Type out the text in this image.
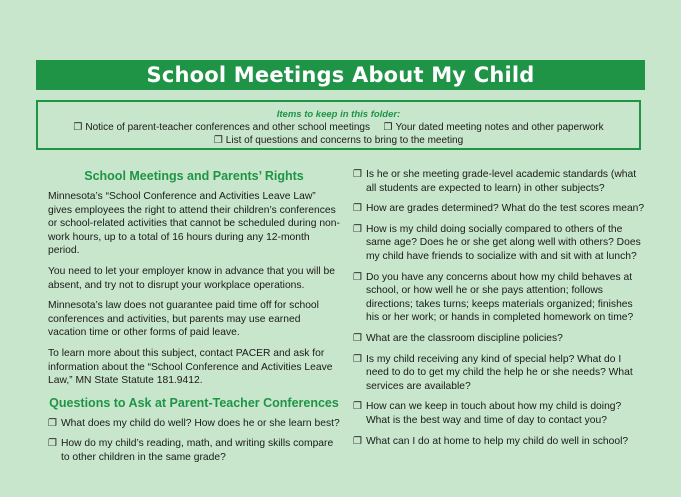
School Meetings About My Child
Items to keep in this folder:
❐ Notice of parent-teacher conferences and other school meetings ❐ Your dated meeting notes and other paperwork
❐ List of questions and concerns to bring to the meeting
School Meetings and Parents’ Rights

Minnesota’s “School Conference and Activities Leave Law” gives employees the right to attend their children’s conferences or school-related activities that cannot be scheduled during non-work hours, up to a total of 16 hours during any 12-month period.

You need to let your employer know in advance that you will be absent, and try not to disrupt your workplace operations.

Minnesota’s law does not guarantee paid time off for school conferences and activities, but parents may use earned vacation time or other forms of paid leave.

To learn more about this subject, contact PACER and ask for information about the “School Conference and Activities Leave Law,” MN State Statute 181.9412.

Questions to Ask at Parent-Teacher Conferences
❐ What does my child do well? How does he or she learn best?
❐ How do my child’s reading, math, and writing skills compare to other children in the same grade?
❐ Is he or she meeting grade-level academic standards (what all students are expected to learn) in other subjects?
❐ How are grades determined? What do the test scores mean?
❐ How is my child doing socially compared to others of the same age? Does he or she get along well with others? Does my child have friends to socialize with and sit with at lunch?
❐ Do you have any concerns about how my child behaves at school, or how well he or she pays attention; follows directions; takes turns; keeps materials organized; finishes his or her work; or hands in completed homework on time?
❐ What are the classroom discipline policies?
❐ Is my child receiving any kind of special help? What do I need to do to get my child the help he or she needs? What services are available?
❐ How can we keep in touch about how my child is doing? What is the best way and time of day to contact you?
❐ What can I do at home to help my child do well in school?
